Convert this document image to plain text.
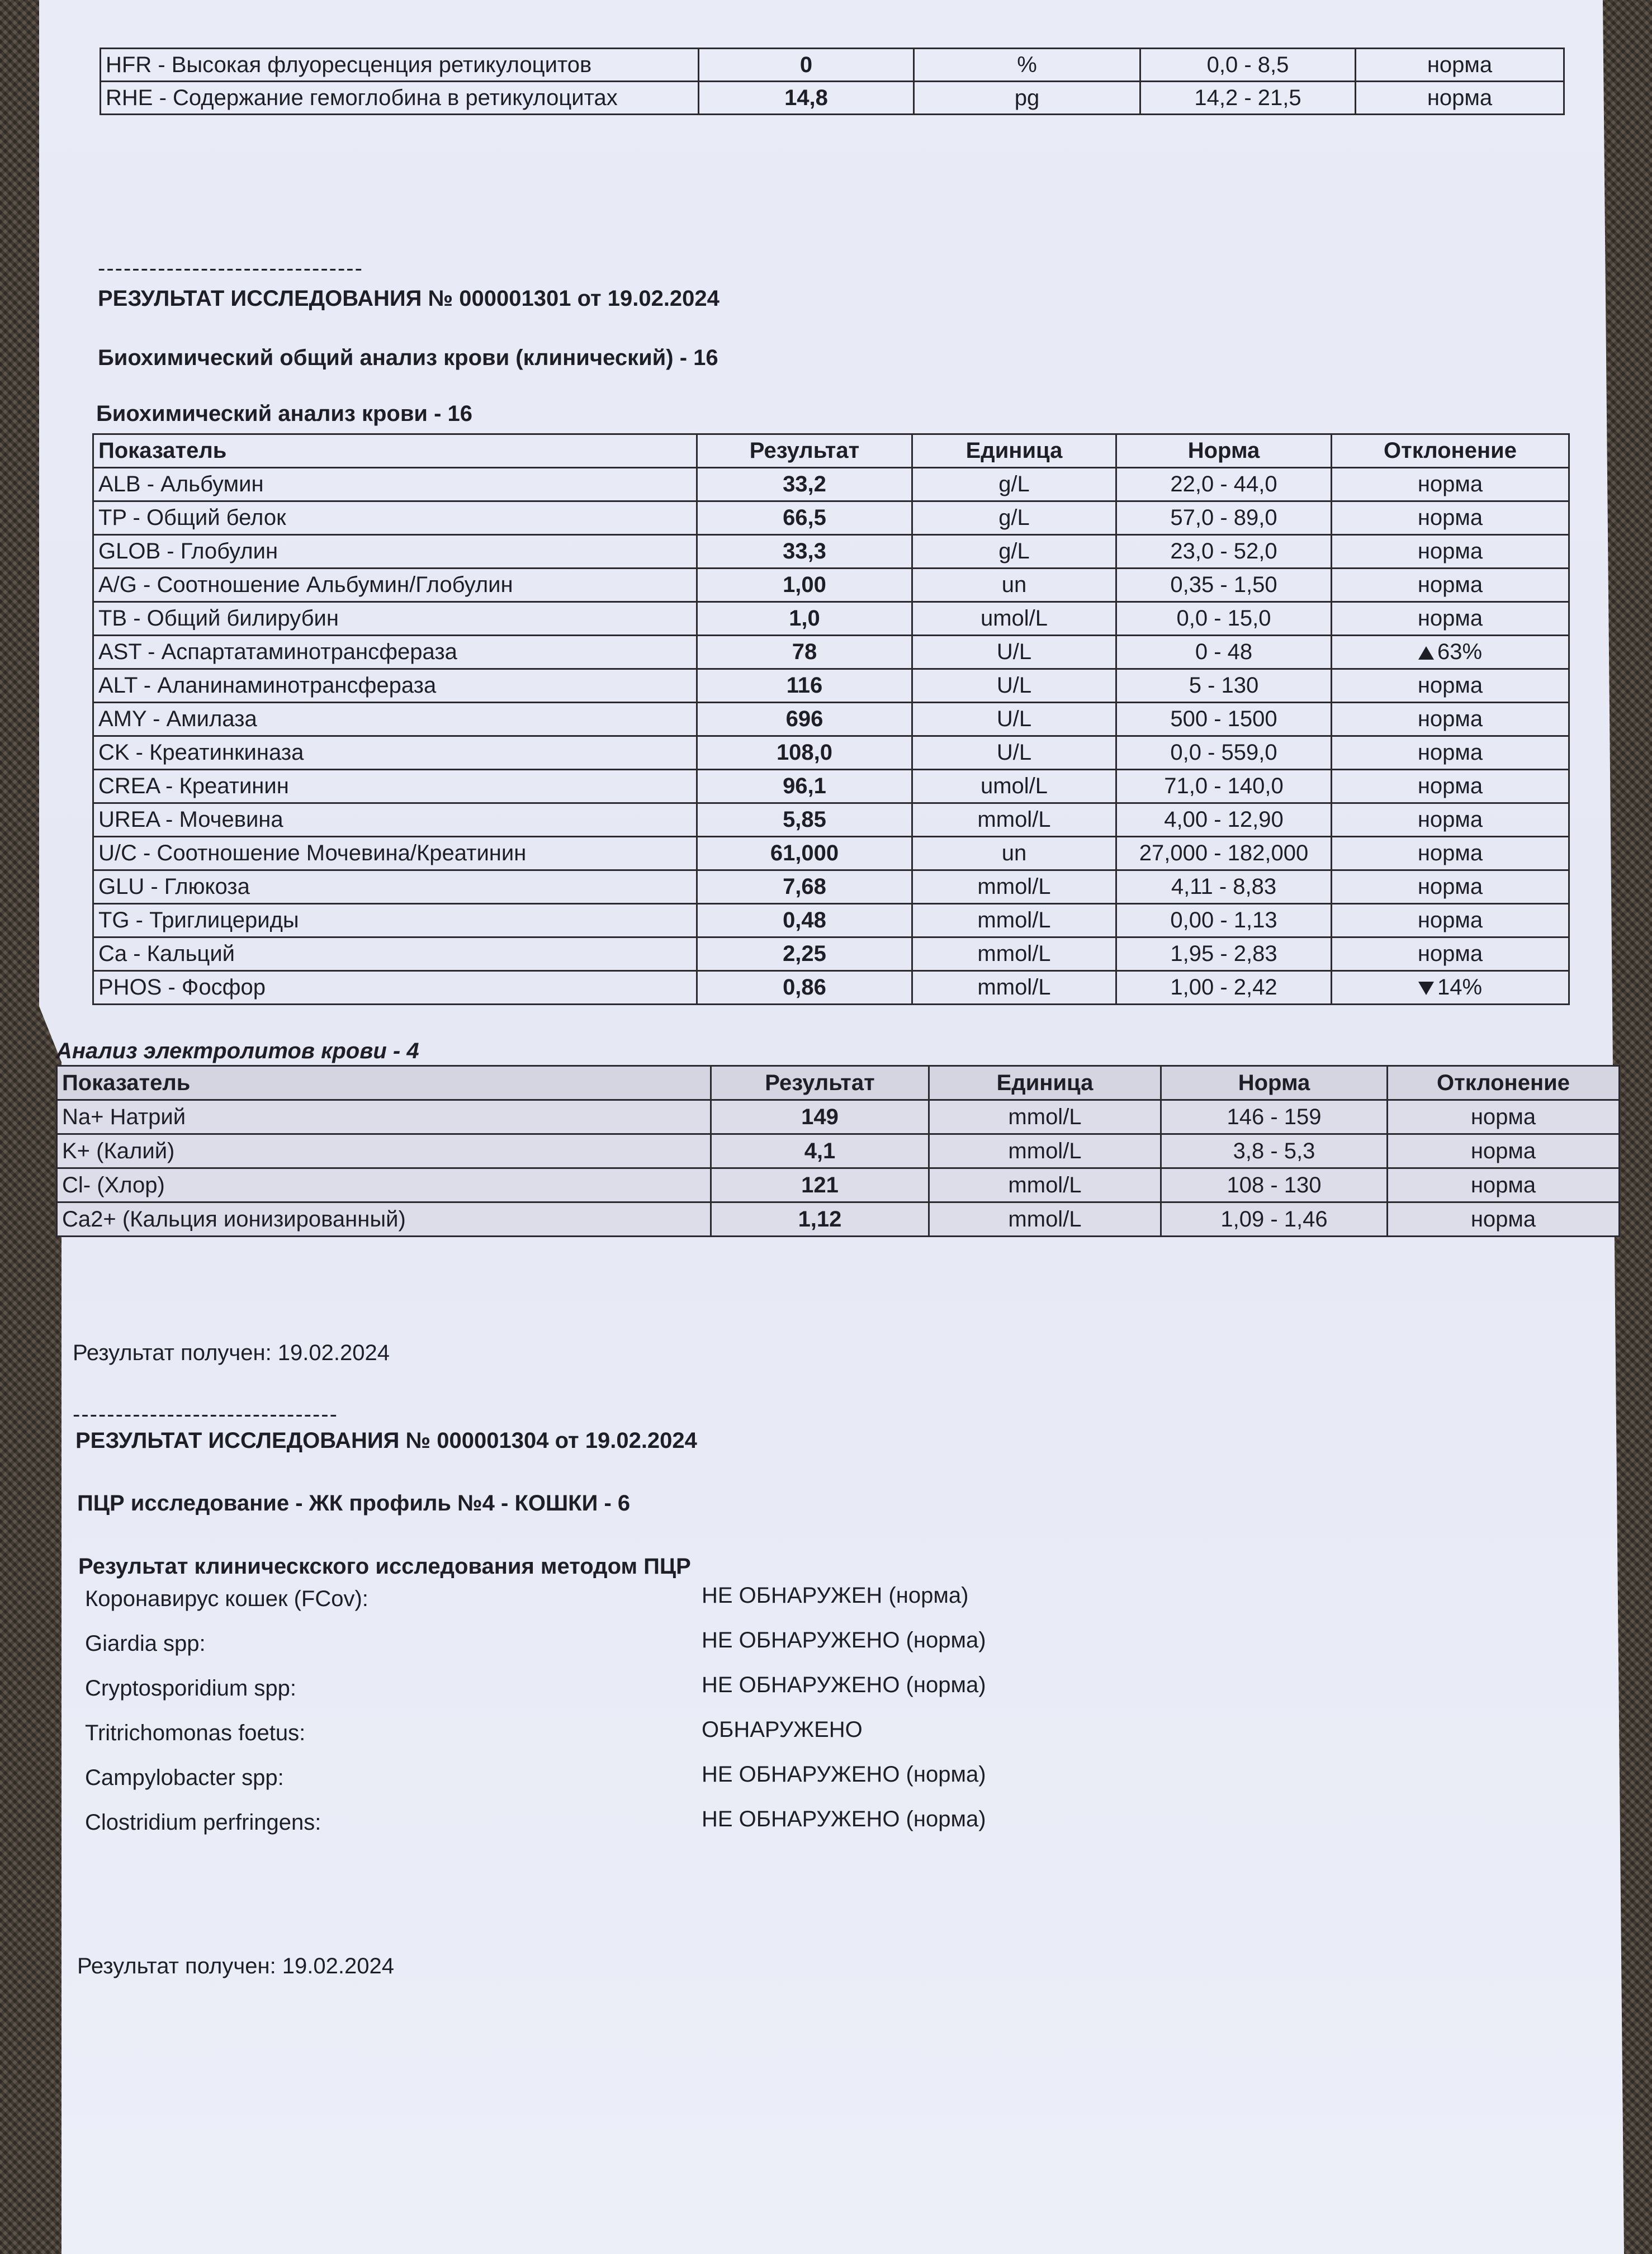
HFR - Высокая флуоресценция ретикулоцитов	0	%	0,0 - 8,5	норма
RHE - Содержание гемоглобина в ретикулоцитах	14,8	pg	14,2 - 21,5	норма
-------------------------------
РЕЗУЛЬТАТ ИССЛЕДОВАНИЯ № 000001301 от 19.02.2024
Биохимический общий анализ крови (клинический) - 16
Биохимический анализ крови - 16
Показатель	Результат	Единица	Норма	Отклонение
ALB - Альбумин	33,2	g/L	22,0 - 44,0	норма
TP - Общий белок	66,5	g/L	57,0 - 89,0	норма
GLOB - Глобулин	33,3	g/L	23,0 - 52,0	норма
A/G - Соотношение Альбумин/Глобулин	1,00	un	0,35 - 1,50	норма
TB - Общий билирубин	1,0	umol/L	0,0 - 15,0	норма
AST - Аспартатаминотрансфераза	78	U/L	0 - 48	63%
ALT - Аланинаминотрансфераза	116	U/L	5 - 130	норма
AMY - Амилаза	696	U/L	500 - 1500	норма
CK - Креатинкиназа	108,0	U/L	0,0 - 559,0	норма
CREA - Креатинин	96,1	umol/L	71,0 - 140,0	норма
UREA - Мочевина	5,85	mmol/L	4,00 - 12,90	норма
U/C - Соотношение Мочевина/Креатинин	61,000	un	27,000 - 182,000	норма
GLU - Глюкоза	7,68	mmol/L	4,11 - 8,83	норма
TG - Триглицериды	0,48	mmol/L	0,00 - 1,13	норма
Ca - Кальций	2,25	mmol/L	1,95 - 2,83	норма
PHOS - Фосфор	0,86	mmol/L	1,00 - 2,42	14%
Анализ электролитов крови - 4
Показатель	Результат	Единица	Норма	Отклонение
Na+ Натрий	149	mmol/L	146 - 159	норма
K+ (Калий)	4,1	mmol/L	3,8 - 5,3	норма
Cl- (Хлор)	121	mmol/L	108 - 130	норма
Ca2+ (Кальция ионизированный)	1,12	mmol/L	1,09 - 1,46	норма
Результат получен: 19.02.2024
-------------------------------
РЕЗУЛЬТАТ ИССЛЕДОВАНИЯ № 000001304 от 19.02.2024
ПЦР исследование - ЖК профиль №4 - КОШКИ - 6
Результат клиническского исследования методом ПЦР
Коронавирус кошек (FCov):	НЕ ОБНАРУЖЕН (норма)
Giardia spp:	НЕ ОБНАРУЖЕНО (норма)
Cryptosporidium spp:	НЕ ОБНАРУЖЕНО (норма)
Tritrichomonas foetus:	ОБНАРУЖЕНО
Campylobacter spp:	НЕ ОБНАРУЖЕНО (норма)
Clostridium perfringens:	НЕ ОБНАРУЖЕНО (норма)
Результат получен: 19.02.2024
